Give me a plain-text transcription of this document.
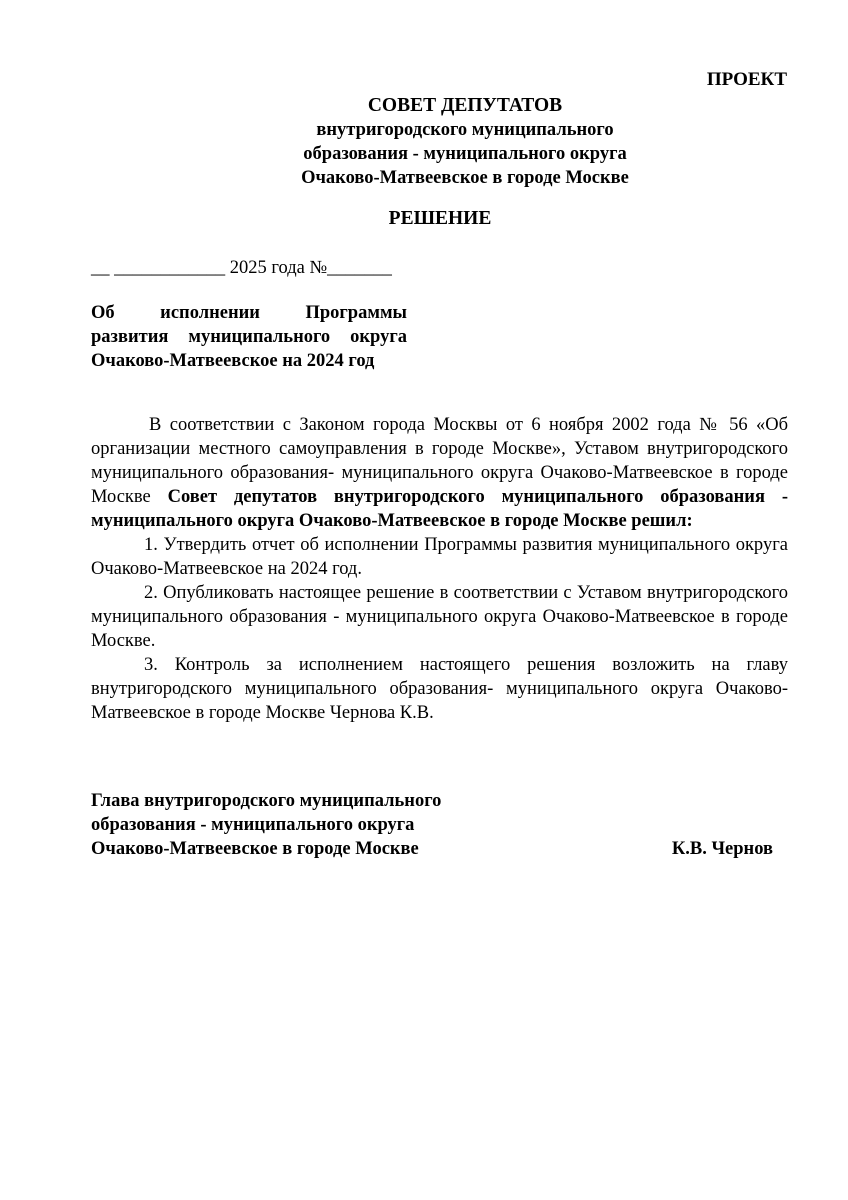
ПРОЕКТ
СОВЕТ ДЕПУТАТОВ
внутригородского муниципального
образования - муниципального округа
Очаково-Матвеевское в городе Москве
РЕШЕНИЕ
__ ____________ 2025 года №_______
Об исполнении Программы
развития муниципального округа
Очаково-Матвеевское на 2024 год

В соответствии с Законом города Москвы от 6 ноября 2002 года № 56 «Об организации местного самоуправления в городе Москве», Уставом внутригородского муниципального образования- муниципального округа Очаково-Матвеевское в городе Москве Совет депутатов внутригородского муниципального образования - муниципального округа Очаково-Матвеевское в городе Москве решил:

1. Утвердить отчет об исполнении Программы развития муниципального округа Очаково-Матвеевское на 2024 год.

2. Опубликовать настоящее решение в соответствии с Уставом внутригородского муниципального образования - муниципального округа Очаково-Матвеевское в городе Москве.

3. Контроль за исполнением настоящего решения возложить на главу внутригородского муниципального образования- муниципального округа Очаково-Матвеевское в городе Москве Чернова К.В.

Глава внутригородского муниципального
образования - муниципального округа
Очаково-Матвеевское в городе Москве	К.В. Чернов
